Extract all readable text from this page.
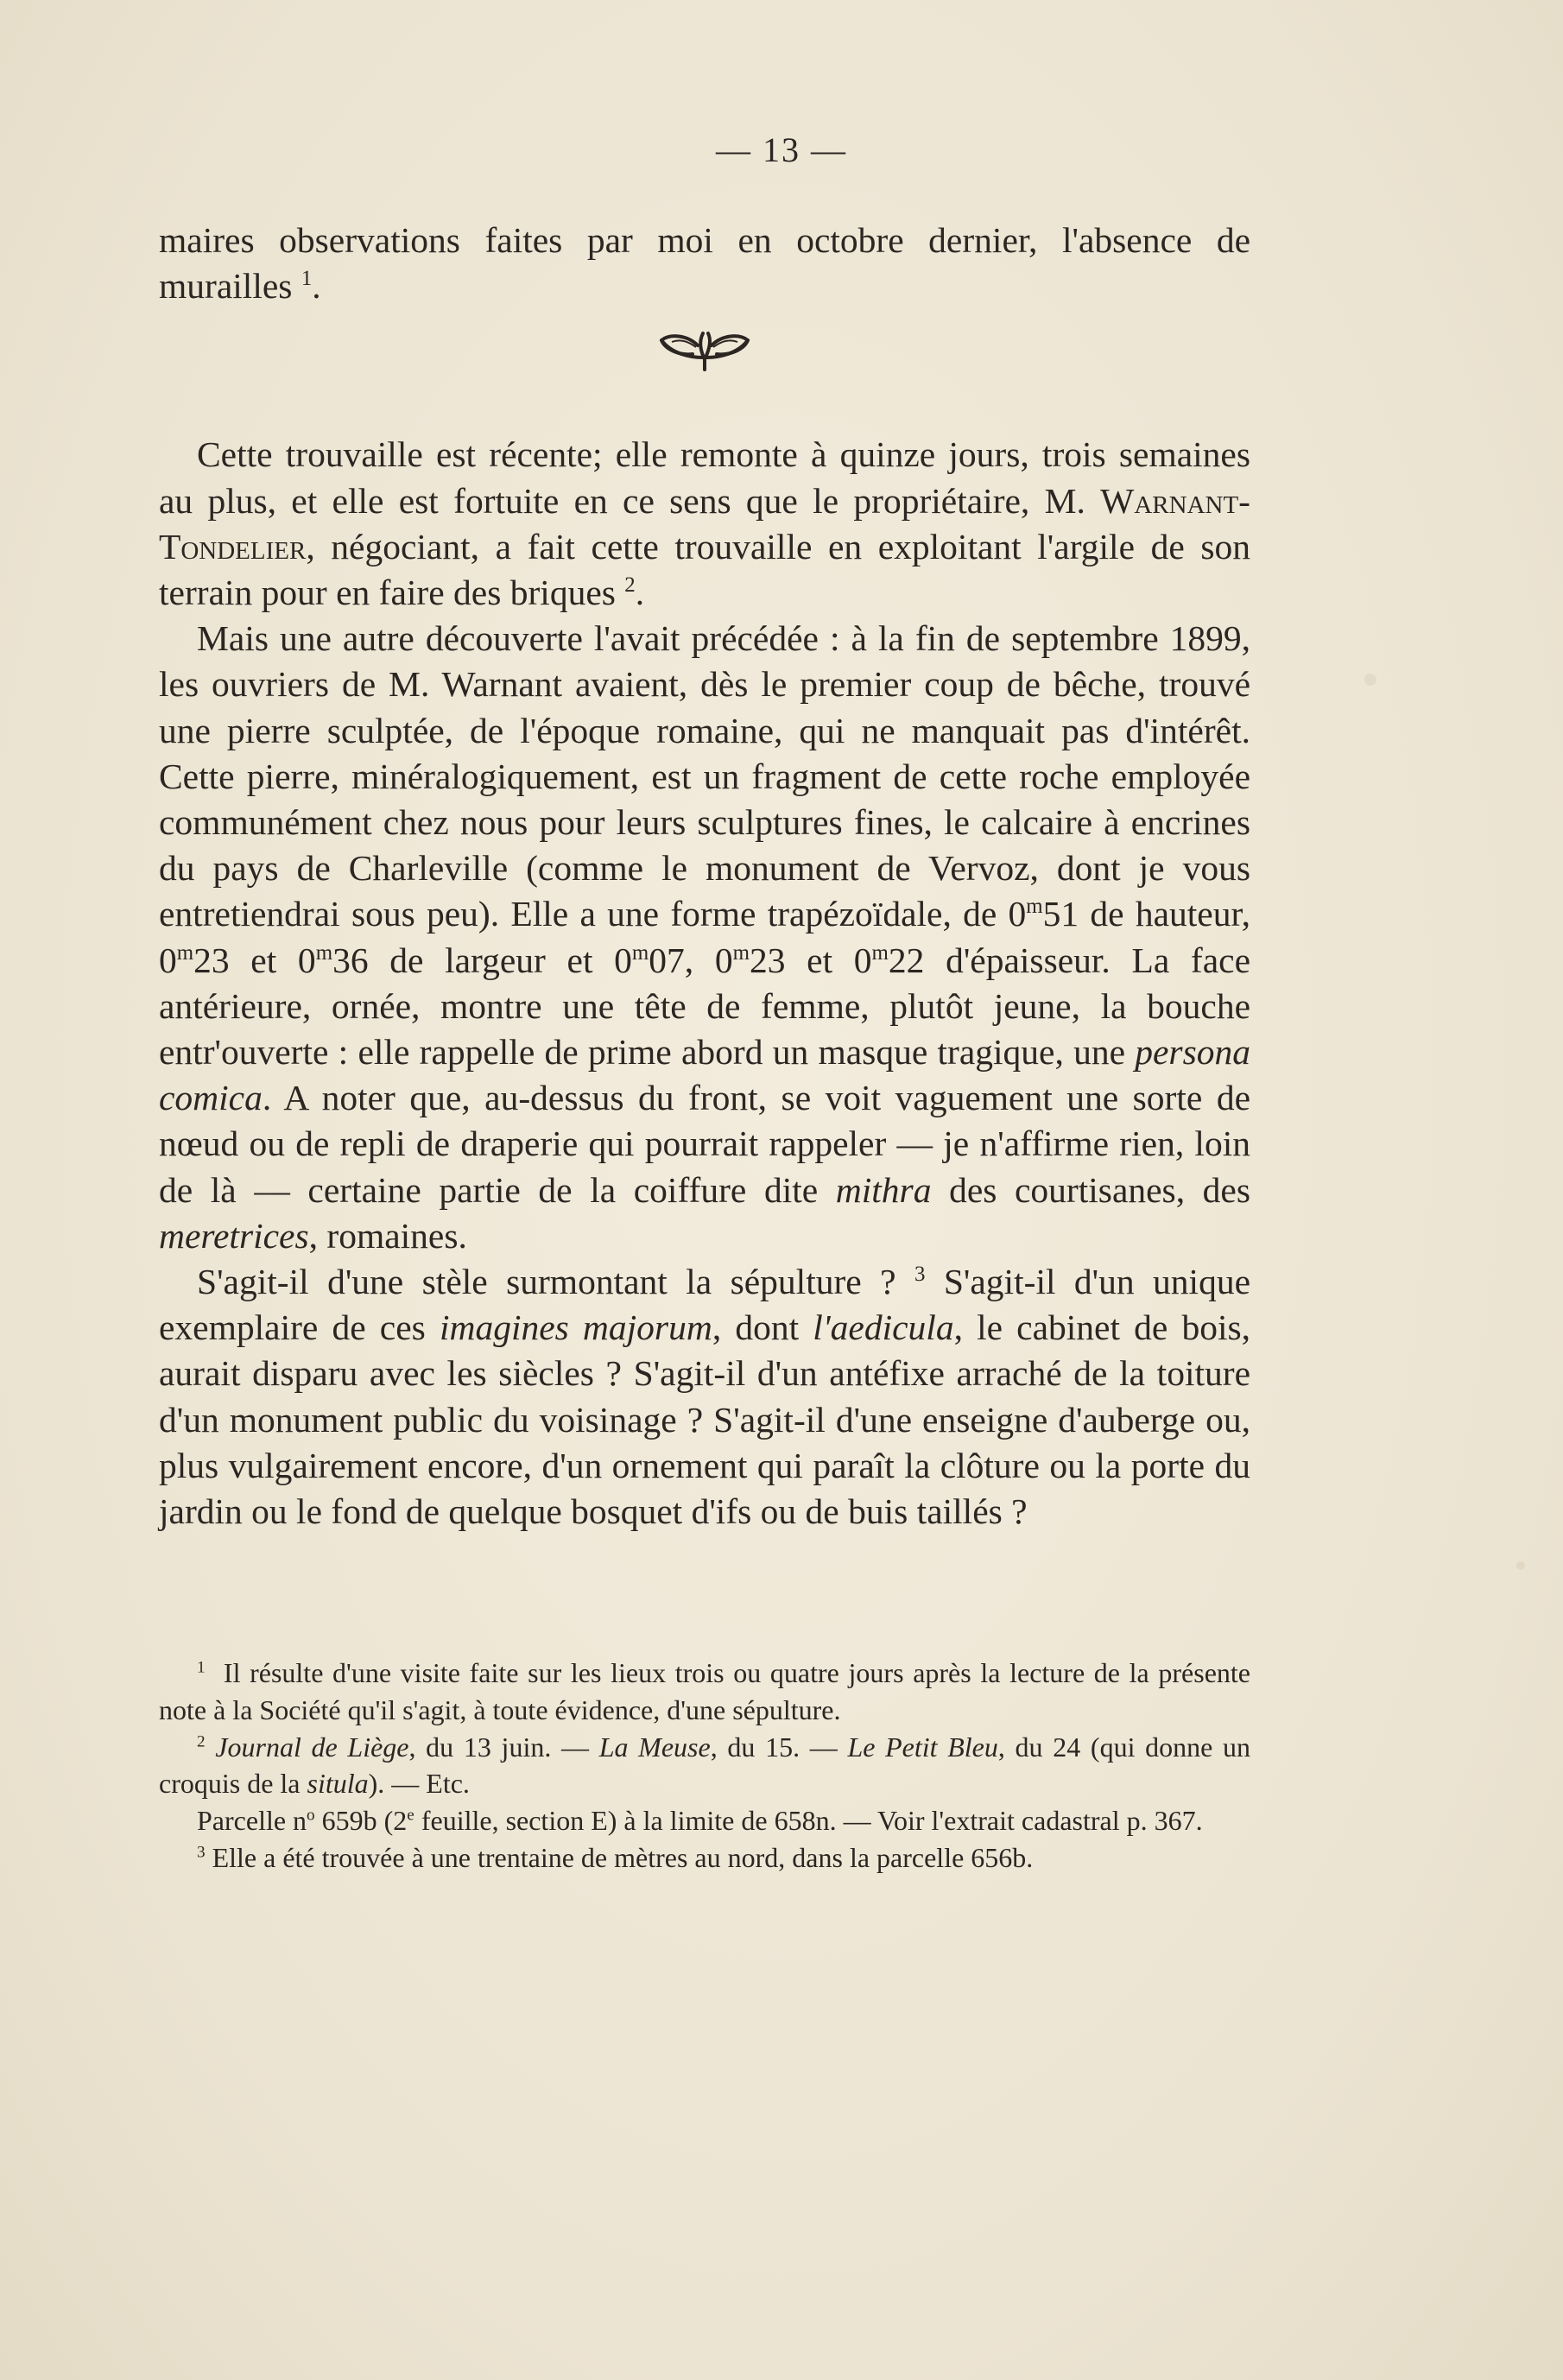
— 13 —

maires observations faites par moi en octobre dernier, l'absence de murailles $^1$.

Cette trouvaille est récente; elle remonte à quinze jours, trois semaines au plus, et elle est fortuite en ce sens que le propriétaire, M. Warnant-Tondelier, négociant, a fait cette trouvaille en exploitant l'argile de son terrain pour en faire des briques $^2$.

Mais une autre découverte l'avait précédée : à la fin de septembre 1899, les ouvriers de M. Warnant avaient, dès le premier coup de bêche, trouvé une pierre sculptée, de l'époque romaine, qui ne manquait pas d'intérêt. Cette pierre, minéralogiquement, est un fragment de cette roche employée communément chez nous pour leurs sculptures fines, le calcaire à encrines du pays de Charleville (comme le monument de Vervoz, dont je vous entretiendrai sous peu). Elle a une forme trapézoïdale, de 0$^m$51 de hauteur, 0$^m$23 et 0$^m$36 de largeur et 0$^m$07, 0$^m$23 et 0$^m$22 d'épaisseur. La face antérieure, ornée, montre une tête de femme, plutôt jeune, la bouche entr'ouverte : elle rappelle de prime abord un masque tragique, une persona comica. A noter que, au-dessus du front, se voit vaguement une sorte de nœud ou de repli de draperie qui pourrait rappeler — je n'affirme rien, loin de là — certaine partie de la coiffure dite mithra des courtisanes, des meretrices, romaines.

S'agit-il d'une stèle surmontant la sépulture ? $^3$ S'agit-il d'un unique exemplaire de ces imagines majorum, dont l'aedicula, le cabinet de bois, aurait disparu avec les siècles ? S'agit-il d'un antéfixe arraché de la toiture d'un monument public du voisinage ? S'agit-il d'une enseigne d'auberge ou, plus vulgairement encore, d'un ornement qui paraît la clôture ou la porte du jardin ou le fond de quelque bosquet d'ifs ou de buis taillés ?

$^1$ Il résulte d'une visite faite sur les lieux trois ou quatre jours après la lecture de la présente note à la Société qu'il s'agit, à toute évidence, d'une sépulture.

$^2$ Journal de Liège, du 13 juin. — La Meuse, du 15. — Le Petit Bleu, du 24 (qui donne un croquis de la situla). — Etc.

Parcelle $n^o$ 659b (2e feuille, section E) à la limite de 658n. — Voir l'extrait cadastral p. 367.

$^3$ Elle a été trouvée à une trentaine de mètres au nord, dans la parcelle 656b.
